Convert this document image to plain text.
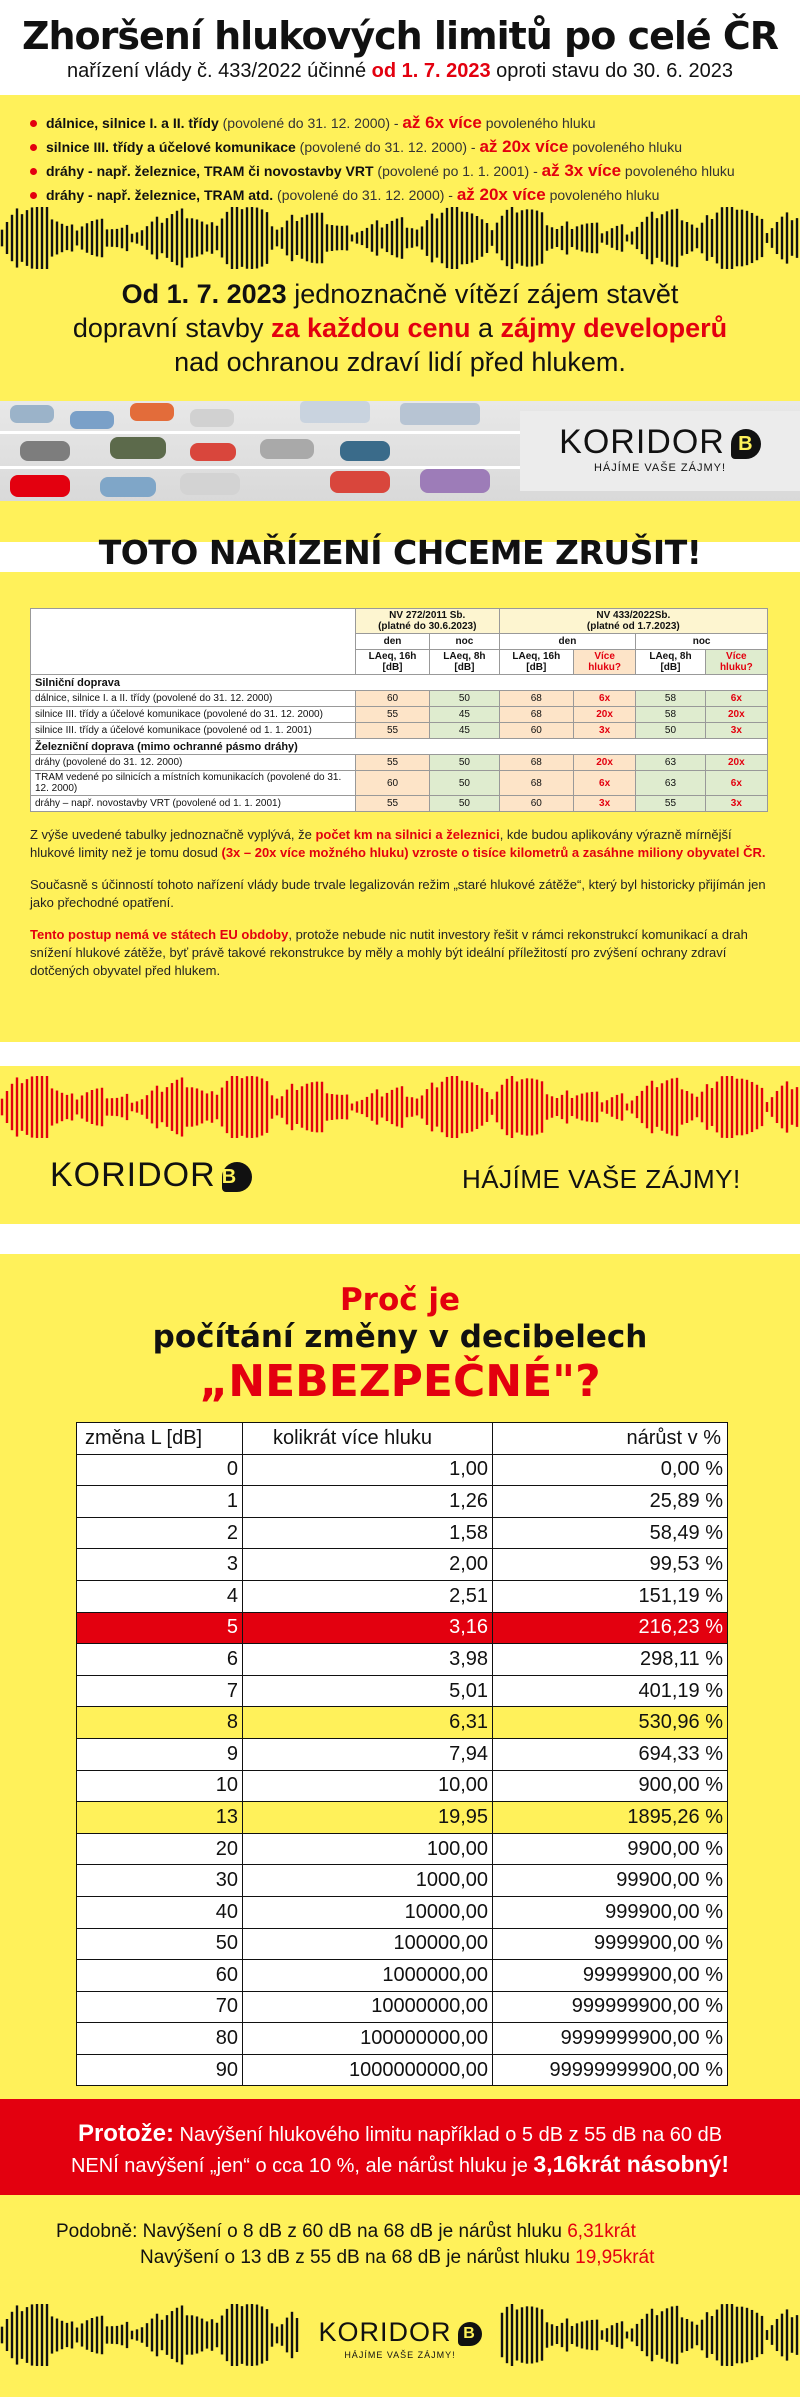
Zhoršení hlukových limitů po celé ČR
nařízení vlády č. 433/2022 účinné od 1. 7. 2023 oproti stavu do 30. 6. 2023
dálnice, silnice I. a II. třídy (povolené do 31. 12. 2000) - až 6x více povoleného hluku
silnice III. třídy a účelové komunikace (povolené do 31. 12. 2000) - až 20x více povoleného hluku
dráhy - např. železnice, TRAM či novostavby VRT (povolené po 1. 1. 2001) - až 3x více povoleného hluku
dráhy - např. železnice, TRAM atd. (povolené do 31. 12. 2000) - až 20x více povoleného hluku
Od 1. 7. 2023 jednoznačně vítězí zájem stavět
dopravní stavby za každou cenu a zájmy developerů
nad ochranou zdraví lidí před hlukem.
KORIDOR B
HÁJÍME VAŠE ZÁJMY!
TOTO NAŘÍZENÍ CHCEME ZRUŠIT!
	NV 272/2011 Sb.
(platné do 30.6.2023)		NV 433/2022Sb.
(platné od 1.7.2023)			
	den	noc	den		noc	
	LAeq, 16h [dB]	LAeq, 8h [dB]	LAeq, 16h [dB]	Více hluku?	LAeq, 8h [dB]	Více hluku?
Silniční doprava						
dálnice, silnice I. a II. třídy (povolené do 31. 12. 2000)	60	50	68	6x	58	6x
silnice III. třídy a účelové komunikace (povolené do 31. 12. 2000)	55	45	68	20x	58	20x
silnice III. třídy a účelové komunikace (povolené od 1. 1. 2001)	55	45	60	3x	50	3x
Železniční doprava (mimo ochranné pásmo dráhy)						
dráhy (povolené do 31. 12. 2000)	55	50	68	20x	63	20x
TRAM vedené po silnicích a místních komunikacích (povolené do 31. 12. 2000)	60	50	68	6x	63	6x
dráhy – např. novostavby VRT (povolené od 1. 1. 2001)	55	50	60	3x	55	3x

Z výše uvedené tabulky jednoznačně vyplývá, že počet km na silnici a železnici, kde budou aplikovány výrazně mírnější hlukové limity než je tomu dosud (3x – 20x více možného hluku) vzroste o tisíce kilometrů a zasáhne miliony obyvatel ČR.

Současně s účinností tohoto nařízení vlády bude trvale legalizován režim „staré hlukové zátěže“, který byl historicky přijímán jen jako přechodné opatření.

Tento postup nemá ve státech EU obdoby, protože nebude nic nutit investory řešit v rámci rekonstrukcí komunikací a drah snížení hlukové zátěže, byť právě takové rekonstrukce by měly a mohly být ideální příležitostí pro zvýšení ochrany zdraví dotčených obyvatel před hlukem.

KORIDOR B	HÁJÍME VAŠE ZÁJMY!
Proč je
počítání změny v decibelech
„NEBEZPEČNÉ"?
změna L [dB]	kolikrát více hluku	nárůst v %
0	1,00	0,00 %
1	1,26	25,89 %
2	1,58	58,49 %
3	2,00	99,53 %
4	2,51	151,19 %
5	3,16	216,23 %
6	3,98	298,11 %
7	5,01	401,19 %
8	6,31	530,96 %
9	7,94	694,33 %
10	10,00	900,00 %
13	19,95	1895,26 %
20	100,00	9900,00 %
30	1000,00	99900,00 %
40	10000,00	999900,00 %
50	100000,00	9999900,00 %
60	1000000,00	99999900,00 %
70	10000000,00	999999900,00 %
80	100000000,00	9999999900,00 %
90	1000000000,00	99999999900,00 %
Protože: Navýšení hlukového limitu například o 5 dB z 55 dB na 60 dB
NENÍ navýšení „jen“ o cca 10 %, ale nárůst hluku je 3,16krát násobný!
Podobně: Navýšení o 8 dB z 60 dB na 68 dB je nárůst hluku 6,31krát
Navýšení o 13 dB z 55 dB na 68 dB je nárůst hluku 19,95krát
KORIDOR B
HÁJÍME VAŠE ZÁJMY!
